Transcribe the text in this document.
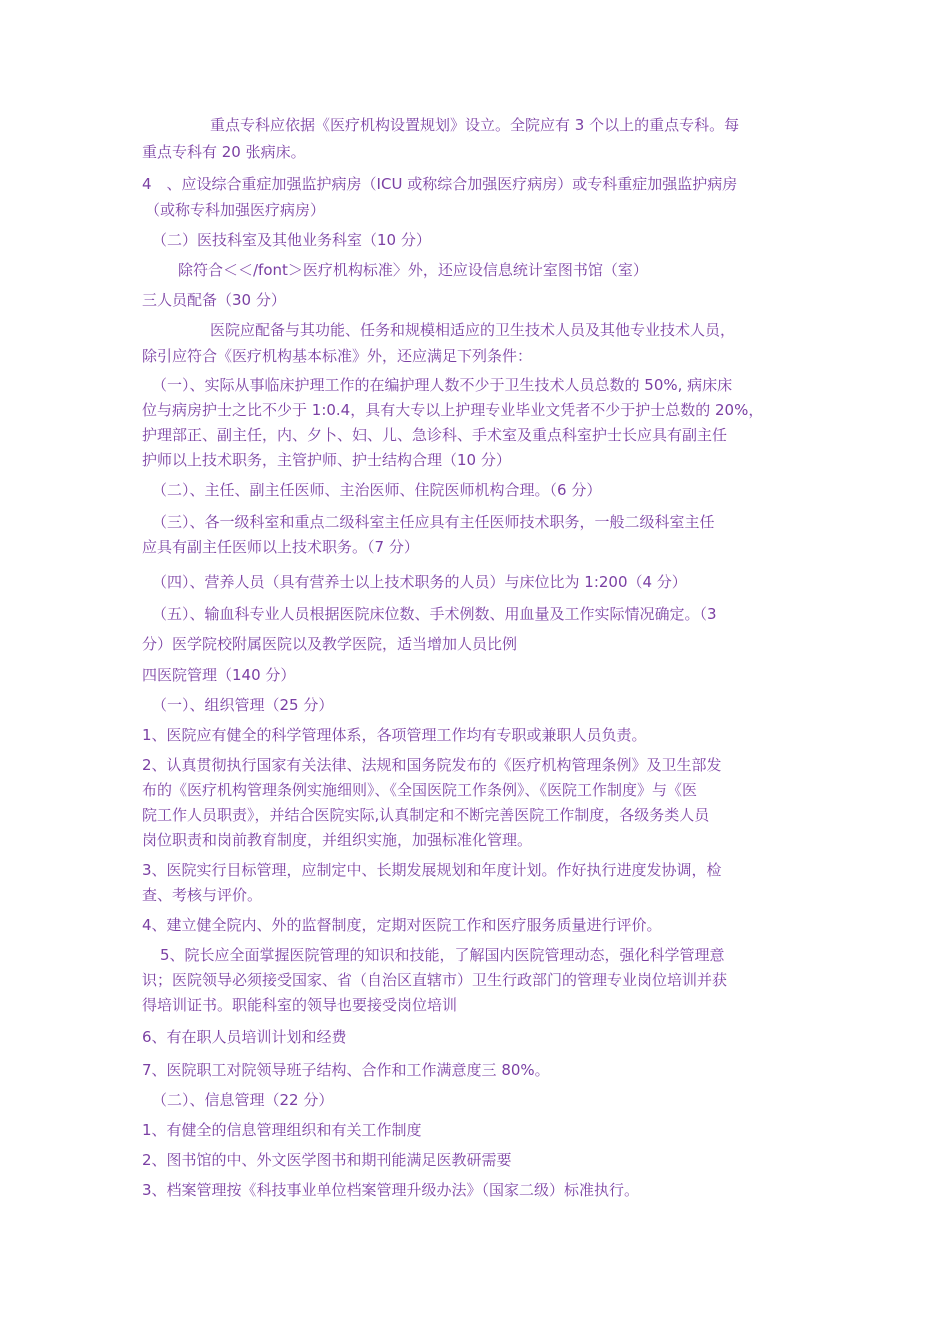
重点专科应依据《医疗机构设置规划》设立。全院应有 3 个以上的重点专科。每
重点专科有 20 张病床。
4　、应设综合重症加强监护病房（ICU 或称综合加强医疗病房）或专科重症加强监护病房
（或称专科加强医疗病房）
（二）医技科室及其他业务科室（10 分）
除符合＜＜/font＞医疗机构标准〉外，还应设信息统计室图书馆（室）
三人员配备（30 分）
医院应配备与其功能、任务和规模相适应的卫生技术人员及其他专业技术人员，
除引应符合《医疗机构基本标准》外，还应满足下列条件：
（一）、实际从事临床护理工作的在编护理人数不少于卫生技术人员总数的 50%, 病床床
位与病房护士之比不少于 1:0.4，具有大专以上护理专业毕业文凭者不少于护士总数的 20%，
护理部正、副主任，内、夕卜、妇、儿、急诊科、手术室及重点科室护士长应具有副主任
护师以上技术职务，主管护师、护士结构合理（10 分）
（二）、主任、副主任医师、主治医师、住院医师机构合理。（6 分）
（三）、各一级科室和重点二级科室主任应具有主任医师技术职务，一般二级科室主任
应具有副主任医师以上技术职务。（7 分）
（四）、营养人员（具有营养士以上技术职务的人员）与床位比为 1:200（4 分）
（五）、输血科专业人员根据医院床位数、手术例数、用血量及工作实际情况确定。（3
分）医学院校附属医院以及教学医院，适当增加人员比例
四医院管理（140 分）
（一）、组织管理（25 分）
1、医院应有健全的科学管理体系，各项管理工作均有专职或兼职人员负责。
2、认真贯彻执行国家有关法律、法规和国务院发布的《医疗机构管理条例》及卫生部发
布的《医疗机构管理条例实施细则》、《全国医院工作条例》、《医院工作制度》与《医
院工作人员职责》，并结合医院实际,认真制定和不断完善医院工作制度，各级务类人员
岗位职责和岗前教育制度，并组织实施，加强标准化管理。
3、医院实行目标管理，应制定中、长期发展规划和年度计划。作好执行进度发协调，检
查、考核与评价。
4、建立健全院内、外的监督制度，定期对医院工作和医疗服务质量进行评价。
5、院长应全面掌握医院管理的知识和技能，了解国内医院管理动态，强化科学管理意
识；医院领导必须接受国家、省（自治区直辖市）卫生行政部门的管理专业岗位培训并获
得培训证书。职能科室的领导也要接受岗位培训
6、有在职人员培训计划和经费
7、医院职工对院领导班子结构、合作和工作满意度三 80%。
（二）、信息管理（22 分）
1、有健全的信息管理组织和有关工作制度
2、图书馆的中、外文医学图书和期刊能满足医教研需要
3、档案管理按《科技事业单位档案管理升级办法》（国家二级）标准执行。
